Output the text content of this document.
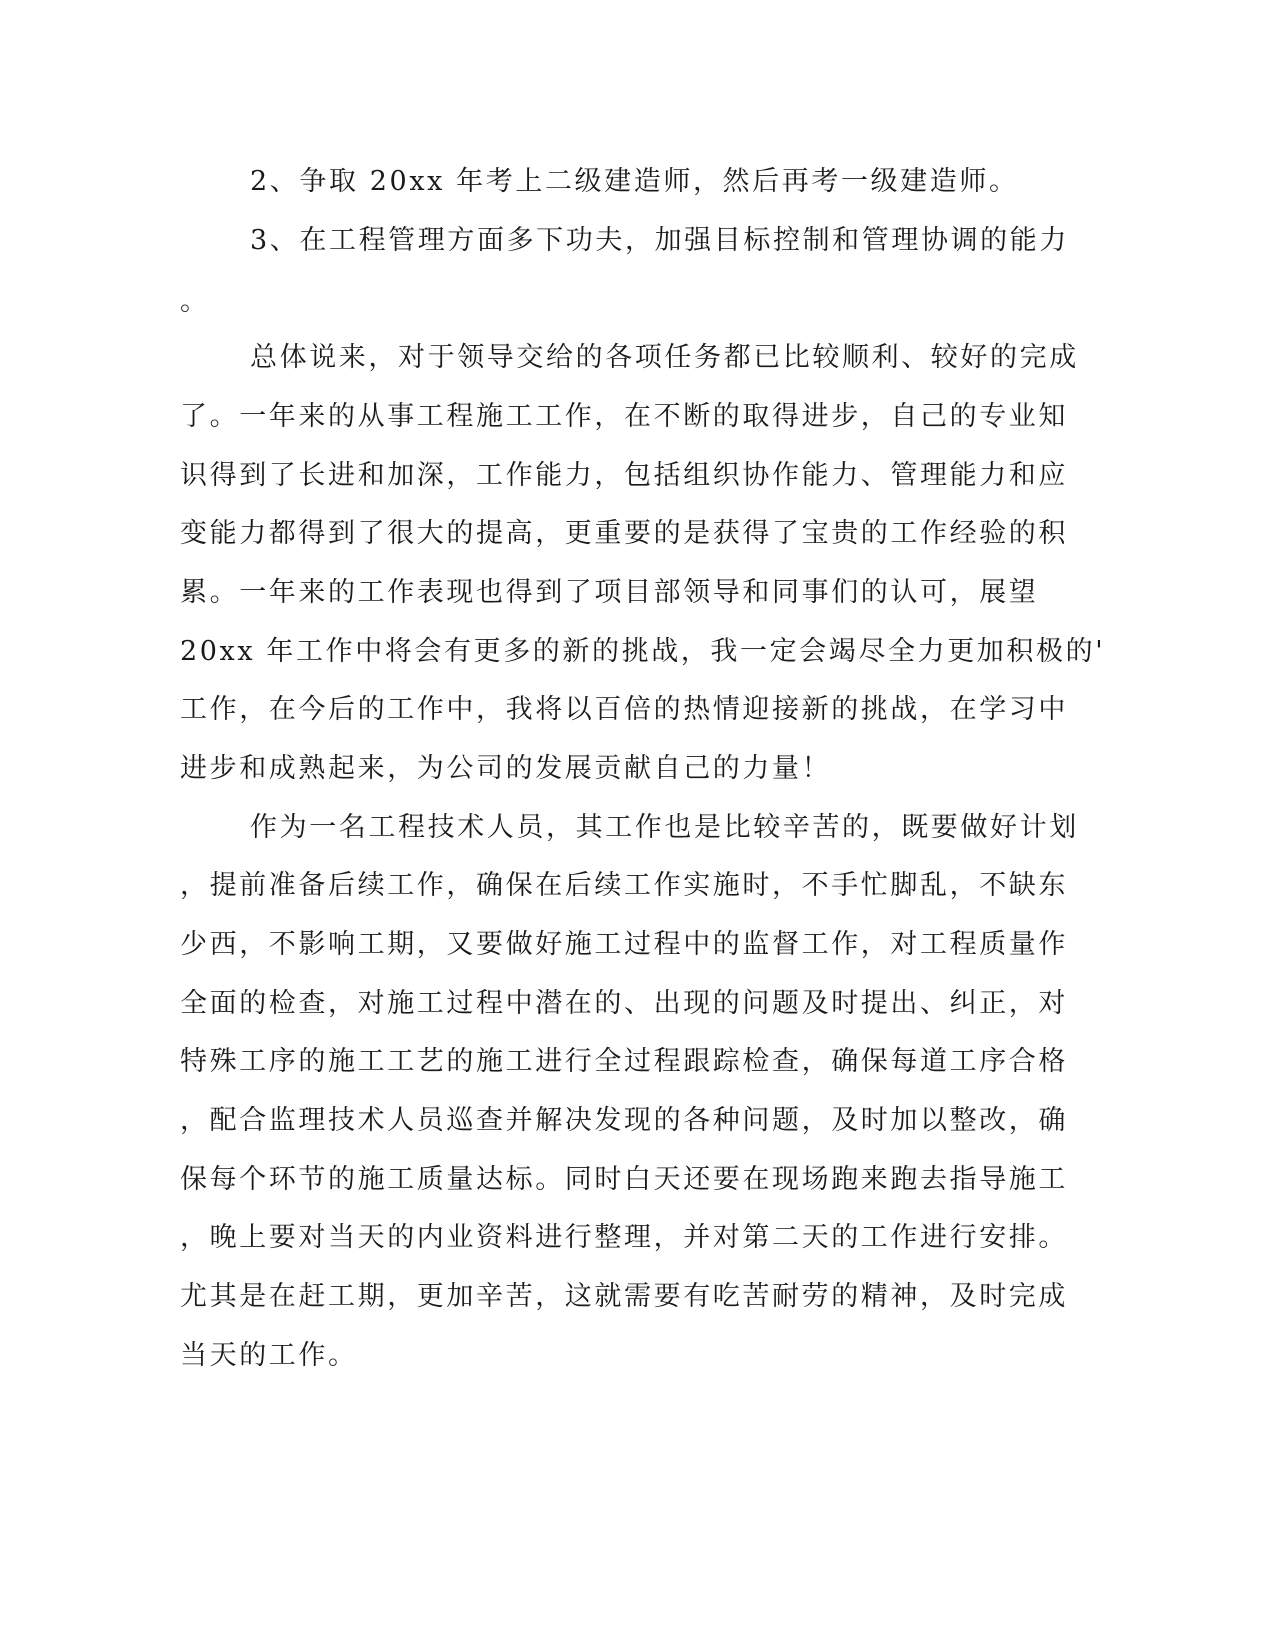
2、争取 20xx 年考上二级建造师，然后再考一级建造师。
3、在工程管理方面多下功夫，加强目标控制和管理协调的能力
。
总体说来，对于领导交给的各项任务都已比较顺利、较好的完成
了。一年来的从事工程施工工作，在不断的取得进步，自己的专业知
识得到了长进和加深，工作能力，包括组织协作能力、管理能力和应
变能力都得到了很大的提高，更重要的是获得了宝贵的工作经验的积
累。一年来的工作表现也得到了项目部领导和同事们的认可，展望
20xx 年工作中将会有更多的新的挑战，我一定会竭尽全力更加积极的'
工作，在今后的工作中，我将以百倍的热情迎接新的挑战，在学习中
进步和成熟起来，为公司的发展贡献自己的力量！
作为一名工程技术人员，其工作也是比较辛苦的，既要做好计划
，提前准备后续工作，确保在后续工作实施时，不手忙脚乱，不缺东
少西，不影响工期，又要做好施工过程中的监督工作，对工程质量作
全面的检查，对施工过程中潜在的、出现的问题及时提出、纠正，对
特殊工序的施工工艺的施工进行全过程跟踪检查，确保每道工序合格
，配合监理技术人员巡查并解决发现的各种问题，及时加以整改，确
保每个环节的施工质量达标。同时白天还要在现场跑来跑去指导施工
，晚上要对当天的内业资料进行整理，并对第二天的工作进行安排。
尤其是在赶工期，更加辛苦，这就需要有吃苦耐劳的精神，及时完成
当天的工作。
